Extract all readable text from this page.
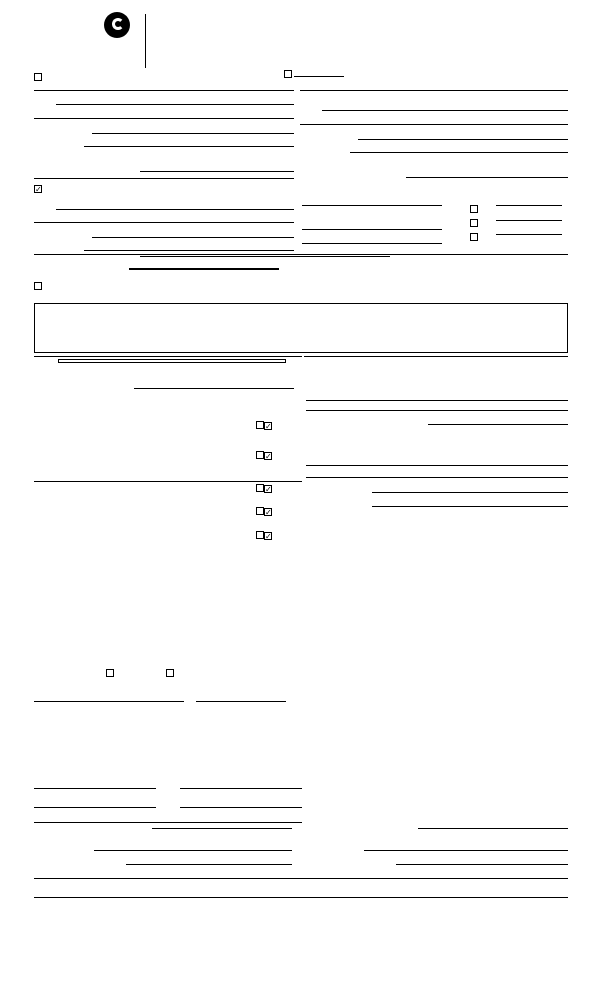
✓
✓
✓
✓
✓
✓
